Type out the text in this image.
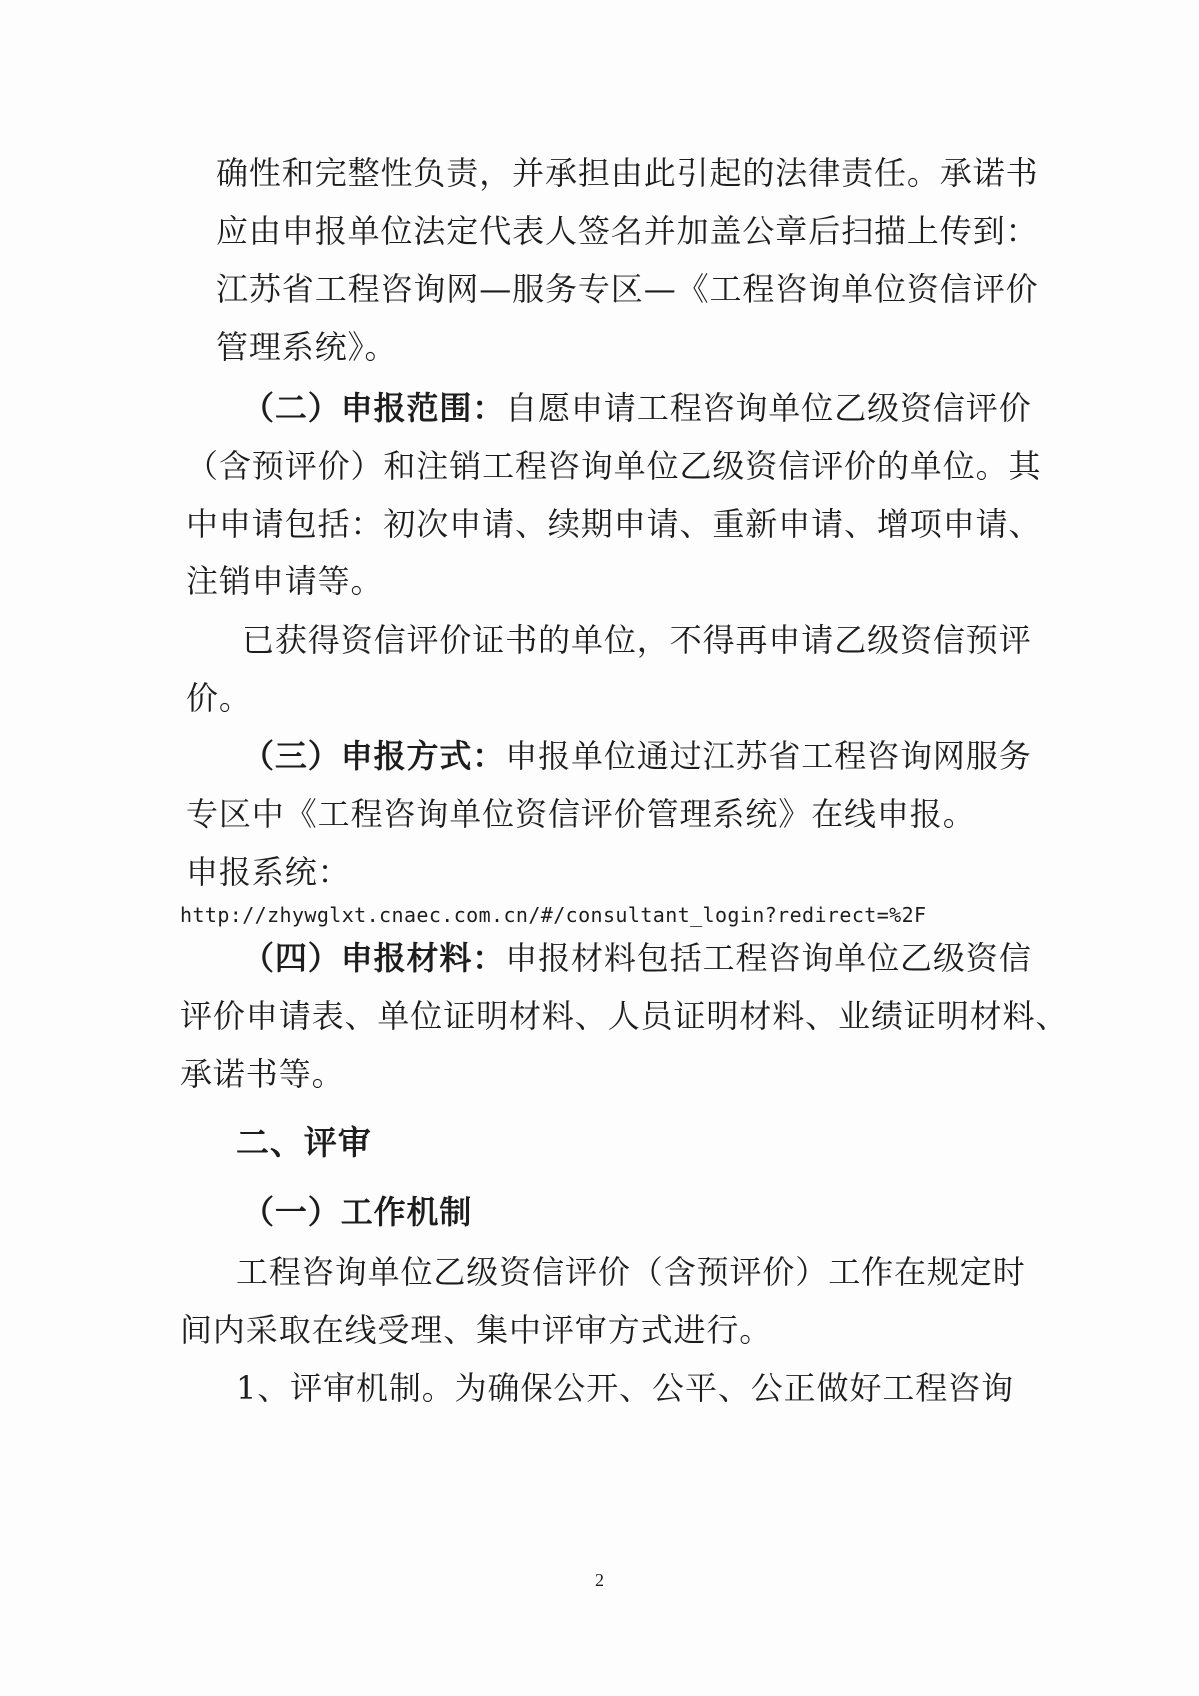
确性和完整性负责，并承担由此引起的法律责任。承诺书
应由申报单位法定代表人签名并加盖公章后扫描上传到：
江苏省工程咨询网—服务专区—《工程咨询单位资信评价
管理系统》。
（二）申报范围：自愿申请工程咨询单位乙级资信评价
（含预评价）和注销工程咨询单位乙级资信评价的单位。其
中申请包括：初次申请、续期申请、重新申请、增项申请、
注销申请等。
已获得资信评价证书的单位，不得再申请乙级资信预评
价。
（三）申报方式：申报单位通过江苏省工程咨询网服务
专区中《工程咨询单位资信评价管理系统》在线申报。
申报系统：
http://zhywglxt.cnaec.com.cn/#/consultant_login?redirect=%2F
（四）申报材料：申报材料包括工程咨询单位乙级资信
评价申请表、单位证明材料、人员证明材料、业绩证明材料、
承诺书等。
二、评审
（一）工作机制
工程咨询单位乙级资信评价（含预评价）工作在规定时
间内采取在线受理、集中评审方式进行。
1、评审机制。为确保公开、公平、公正做好工程咨询
2
